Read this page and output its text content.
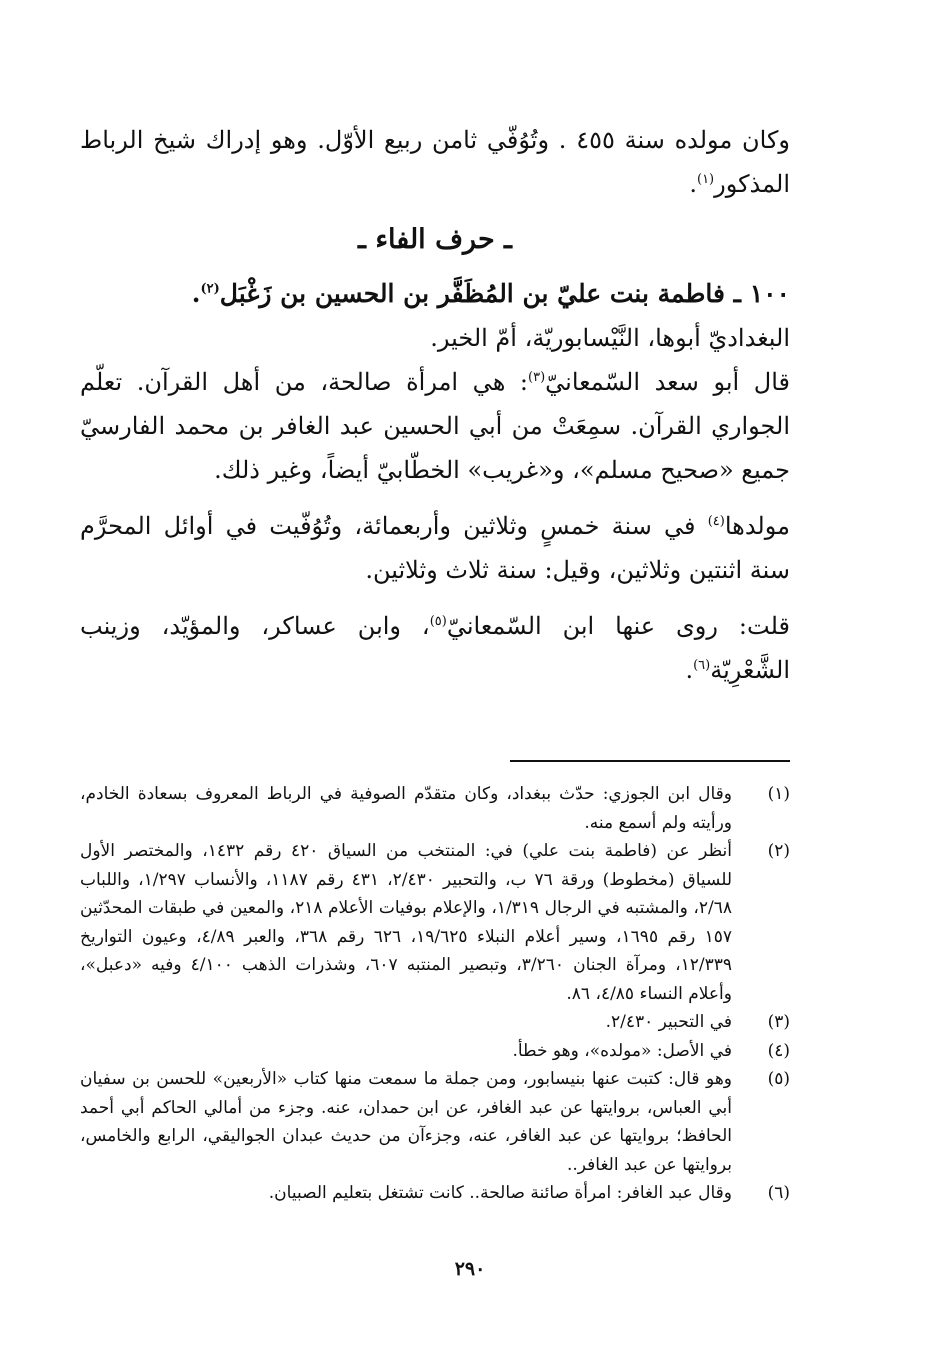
وكان مولده سنة ٤٥٥ . وتُوُفّي ثامن ربيع الأوّل. وهو إدراك شيخ الرباط المذكور$^{(١)}$.

ـ حرف الفاء ـ

١٠٠ ـ فاطمة بنت عليّ بن المُظَفَّر بن الحسين بن زَغْبَل$^{(٢)}$.

البغداديّ أبوها، النَّيْسابوريّة، أمّ الخير.

قال أبو سعد السّمعانيّ$^{(٣)}$: هي امرأة صالحة، من أهل القرآن. تعلّم الجواري القرآن. سمِعَتْ من أبي الحسين عبد الغافر بن محمد الفارسيّ جميع «صحيح مسلم»، و«غريب» الخطّابيّ أيضاً، وغير ذلك.

مولدها$^{(٤)}$ في سنة خمسٍ وثلاثين وأربعمائة، وتُوُفّيت في أوائل المحرَّم سنة اثنتين وثلاثين، وقيل: سنة ثلاث وثلاثين.

قلت: روى عنها ابن السّمعانيّ$^{(٥)}$، وابن عساكر، والمؤيّد، وزينب الشَّعْرِيّة$^{(٦)}$.

(١)
وقال ابن الجوزي: حدّث ببغداد، وكان متقدّم الصوفية في الرباط المعروف بسعادة الخادم، ورأيته ولم أسمع منه.
(٢)
أنظر عن (فاطمة بنت علي) في: المنتخب من السياق ٤٢٠ رقم ١٤٣٢، والمختصر الأول للسياق (مخطوط) ورقة ٧٦ ب، والتحبير ٢/٤٣٠، ٤٣١ رقم ١١٨٧، والأنساب ١/٢٩٧، واللباب ٢/٦٨، والمشتبه في الرجال ١/٣١٩، والإعلام بوفيات الأعلام ٢١٨، والمعين في طبقات المحدّثين ١٥٧ رقم ١٦٩٥، وسير أعلام النبلاء ١٩/٦٢٥، ٦٢٦ رقم ٣٦٨، والعبر ٤/٨٩، وعيون التواريخ ١٢/٣٣٩، ومرآة الجنان ٣/٢٦٠، وتبصير المنتبه ٦٠٧، وشذرات الذهب ٤/١٠٠ وفيه «دعبل»، وأعلام النساء ٤/٨٥، ٨٦.
(٣)
في التحبير ٢/٤٣٠.
(٤)
في الأصل: «مولده»، وهو خطأ.
(٥)
وهو قال: كتبت عنها بنيسابور، ومن جملة ما سمعت منها كتاب «الأربعين» للحسن بن سفيان أبي العباس، بروايتها عن عبد الغافر، عن ابن حمدان، عنه. وجزء من أمالي الحاكم أبي أحمد الحافظ؛ بروايتها عن عبد الغافر، عنه، وجزءآن من حديث عبدان الجواليقي، الرابع والخامس، بروايتها عن عبد الغافر..
(٦)
وقال عبد الغافر: امرأة صائنة صالحة.. كانت تشتغل بتعليم الصبيان.
٢٩٠
